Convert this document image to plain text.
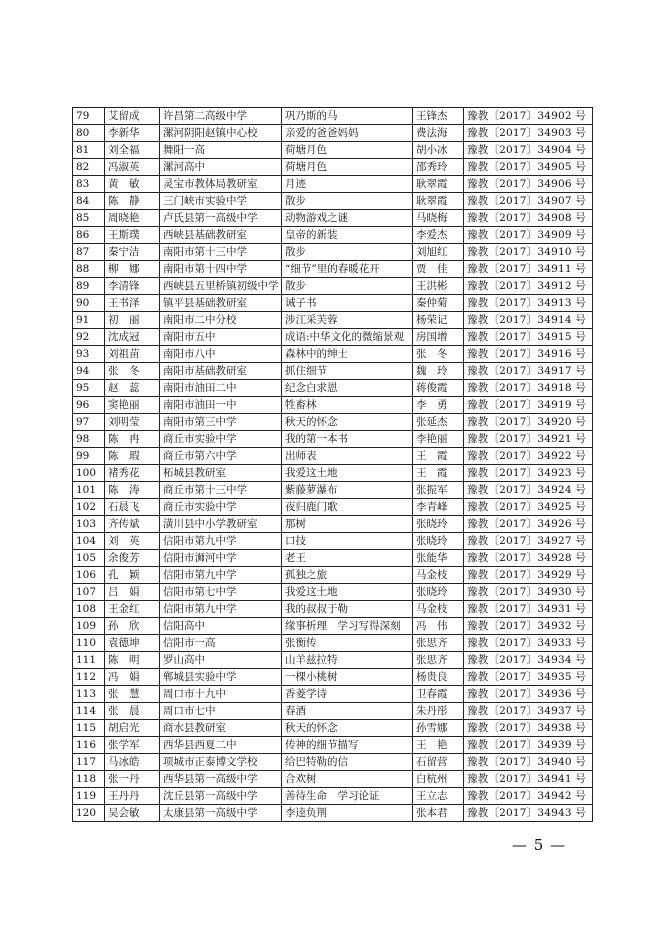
79	艾留成	许昌第二高级中学	巩乃斯的马	王锋杰	豫教〔2017〕34902 号
80	李新华	漯河阴阳赵镇中心校	亲爱的爸爸妈妈	费法海	豫教〔2017〕34903 号
81	刘全福	舞阳一高	荷塘月色	胡小冰	豫教〔2017〕34904 号
82	冯淑英	漯河高中	荷塘月色	邵秀玲	豫教〔2017〕34905 号
83	黄　敏	灵宝市教体局教研室	月迹	耿翠霞	豫教〔2017〕34906 号
84	陈　静	三门峡市实验中学	散步	耿翠霞	豫教〔2017〕34907 号
85	周晓艳	卢氏县第一高级中学	动物游戏之谜	马晓梅	豫教〔2017〕34908 号
86	王斯璞	西峡县基础教研室	皇帝的新装	李爱杰	豫教〔2017〕34909 号
87	秦宁洁	南阳市第十三中学	散步	刘旭红	豫教〔2017〕34910 号
88	柳　娜	南阳市第十四中学	“细节”里的春暖花开	贾　佳	豫教〔2017〕34911 号
89	李清锋	西峡县五里桥镇初级中学	散步	王洪彬	豫教〔2017〕34912 号
90	王书泽	镇平县基础教研室	诫子书	秦仲菊	豫教〔2017〕34913 号
91	初　丽	南阳市二中分校	涉江采芙蓉	杨荣记	豫教〔2017〕34914 号
92	沈成冠	南阳市五中	成语:中华文化的微缩景观	房国增	豫教〔2017〕34915 号
93	刘祖苗	南阳市八中	森林中的绅士	张　冬	豫教〔2017〕34916 号
94	张　冬	南阳市基础教研室	抓住细节	魏　玲	豫教〔2017〕34917 号
95	赵　蕊	南阳市油田二中	纪念白求恩	蒋俊霞	豫教〔2017〕34918 号
96	窦艳丽	南阳市油田一中	牲畜林	李　勇	豫教〔2017〕34919 号
97	刘明莹	南阳市第三中学	秋天的怀念	张延杰	豫教〔2017〕34920 号
98	陈　冉	商丘市实验中学	我的第一本书	李艳丽	豫教〔2017〕34921 号
99	陈　瑕	商丘市第六中学	出师表	王　霞	豫教〔2017〕34922 号
100	褚秀花	柘城县教研室	我爱这土地	王　霞	豫教〔2017〕34923 号
101	陈　涛	商丘市第十三中学	紫藤萝瀑布	张振军	豫教〔2017〕34924 号
102	石晨飞	商丘市实验中学	夜归鹿门歌	李青峰	豫教〔2017〕34925 号
103	齐传斌	潢川县中小学教研室	那树	张晓玲	豫教〔2017〕34926 号
104	刘　英	信阳市第九中学	口技	张晓玲	豫教〔2017〕34927 号
105	余俊芳	信阳市浉河中学	老王	张能华	豫教〔2017〕34928 号
106	孔　颖	信阳市第九中学	孤独之旅	马金枝	豫教〔2017〕34929 号
107	吕　娟	信阳市第七中学	我爱这土地	张晓玲	豫教〔2017〕34930 号
108	王金红	信阳市第九中学	我的叔叔于勒	马金枝	豫教〔2017〕34931 号
109	孙　欣	信阳高中	缘事析理　学习写得深刻	冯　伟	豫教〔2017〕34932 号
110	袁德坤	信阳市一高	张衡传	张思齐	豫教〔2017〕34933 号
111	陈　明	罗山高中	山羊兹拉特	张思齐	豫教〔2017〕34934 号
112	冯　娟	郸城县实验中学	一棵小桃树	杨贵良	豫教〔2017〕34935 号
113	张　慧	周口市十九中	香菱学诗	卫春霞	豫教〔2017〕34936 号
114	张　晨	周口市七中	春酒	朱丹彤	豫教〔2017〕34937 号
115	胡启光	商水县教研室	秋天的怀念	孙雪娜	豫教〔2017〕34938 号
116	张学军	西华县西夏二中	传神的细节描写	王　艳	豫教〔2017〕34939 号
117	马冰皓	项城市正泰博文学校	给巴特勒的信	石留营	豫教〔2017〕34940 号
118	张一丹	西华县第一高级中学	合欢树	白杭州	豫教〔2017〕34941 号
119	王丹丹	沈丘县第一高级中学	善待生命　学习论证	王立志	豫教〔2017〕34942 号
120	吴会敏	太康县第一高级中学	李逵负荆	张本君	豫教〔2017〕34943 号
— 5 —
